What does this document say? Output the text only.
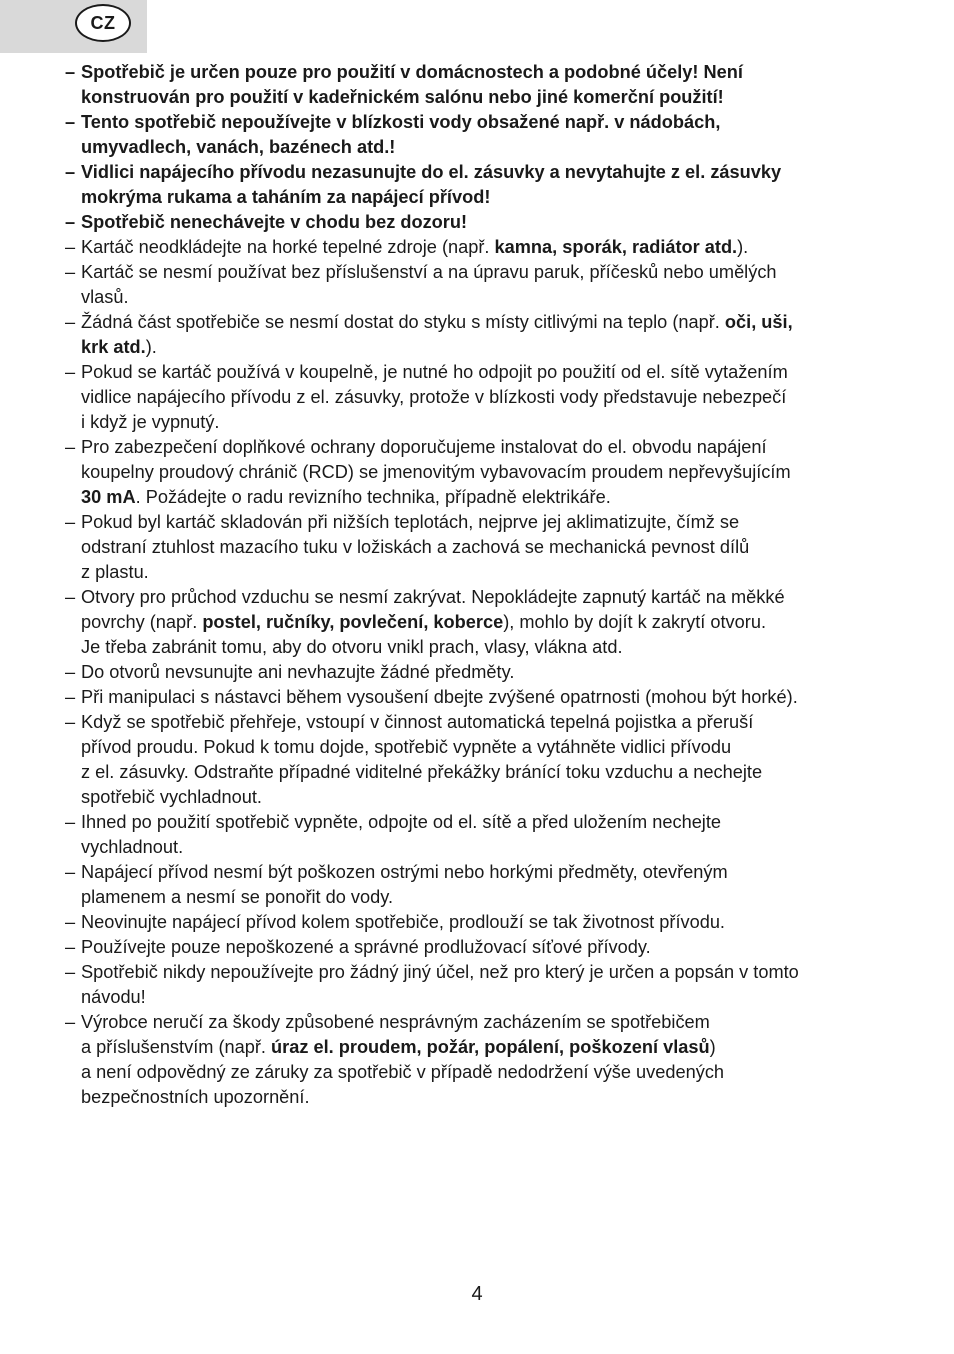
CZ
– Spotřebič je určen pouze pro použití v domácnostech a podobné účely! Není
konstruován pro použití v kadeřnickém salónu nebo jiné komerční použití!
– Tento spotřebič nepoužívejte v blízkosti vody obsažené např. v nádobách,
umyvadlech, vanách, bazénech atd.!
– Vidlici napájecího přívodu nezasunujte do el. zásuvky a nevytahujte z el. zásuvky
mokrýma rukama a taháním za napájecí přívod!
– Spotřebič nenechávejte v chodu bez dozoru!
– Kartáč neodkládejte na horké tepelné zdroje (např. kamna, sporák, radiátor atd.).
– Kartáč se nesmí používat bez příslušenství a na úpravu paruk, příčesků nebo umělých
vlasů.
– Žádná část spotřebiče se nesmí dostat do styku s místy citlivými na teplo (např. oči, uši,
krk atd.).
– Pokud se kartáč používá v koupelně, je nutné ho odpojit po použití od el. sítě vytažením
vidlice napájecího přívodu z el. zásuvky, protože v blízkosti vody představuje nebezpečí
i když je vypnutý.
– Pro zabezpečení doplňkové ochrany doporučujeme instalovat do el. obvodu napájení
koupelny proudový chránič (RCD) se jmenovitým vybavovacím proudem nepřevyšujícím
30 mA. Požádejte o radu revizního technika, případně elektrikáře.
– Pokud byl kartáč skladován při nižších teplotách, nejprve jej aklimatizujte, čímž se
odstraní ztuhlost mazacího tuku v ložiskách a zachová se mechanická pevnost dílů
z plastu.
– Otvory pro průchod vzduchu se nesmí zakrývat. Nepokládejte zapnutý kartáč na měkké
povrchy (např. postel, ručníky, povlečení, koberce), mohlo by dojít k zakrytí otvoru.
Je třeba zabránit tomu, aby do otvoru vnikl prach, vlasy, vlákna atd.
– Do otvorů nevsunujte ani nevhazujte žádné předměty.
– Při manipulaci s nástavci během vysoušení dbejte zvýšené opatrnosti (mohou být horké).
– Když se spotřebič přehřeje, vstoupí v činnost automatická tepelná pojistka a přeruší
přívod proudu. Pokud k tomu dojde, spotřebič vypněte a vytáhněte vidlici přívodu
z el. zásuvky. Odstraňte případné viditelné překážky bránící toku vzduchu a nechejte
spotřebič vychladnout.
– Ihned po použití spotřebič vypněte, odpojte od el. sítě a před uložením nechejte
vychladnout.
– Napájecí přívod nesmí být poškozen ostrými nebo horkými předměty, otevřeným
plamenem a nesmí se ponořit do vody.
– Neovinujte napájecí přívod kolem spotřebiče, prodlouží se tak životnost přívodu.
– Používejte pouze nepoškozené a správné prodlužovací síťové přívody.
– Spotřebič nikdy nepoužívejte pro žádný jiný účel, než pro který je určen a popsán v tomto
návodu!
– Výrobce neručí za škody způsobené nesprávným zacházením se spotřebičem
a příslušenstvím (např. úraz el. proudem, požár, popálení, poškození vlasů)
a není odpovědný ze záruky za spotřebič v případě nedodržení výše uvedených
bezpečnostních upozornění.
4
